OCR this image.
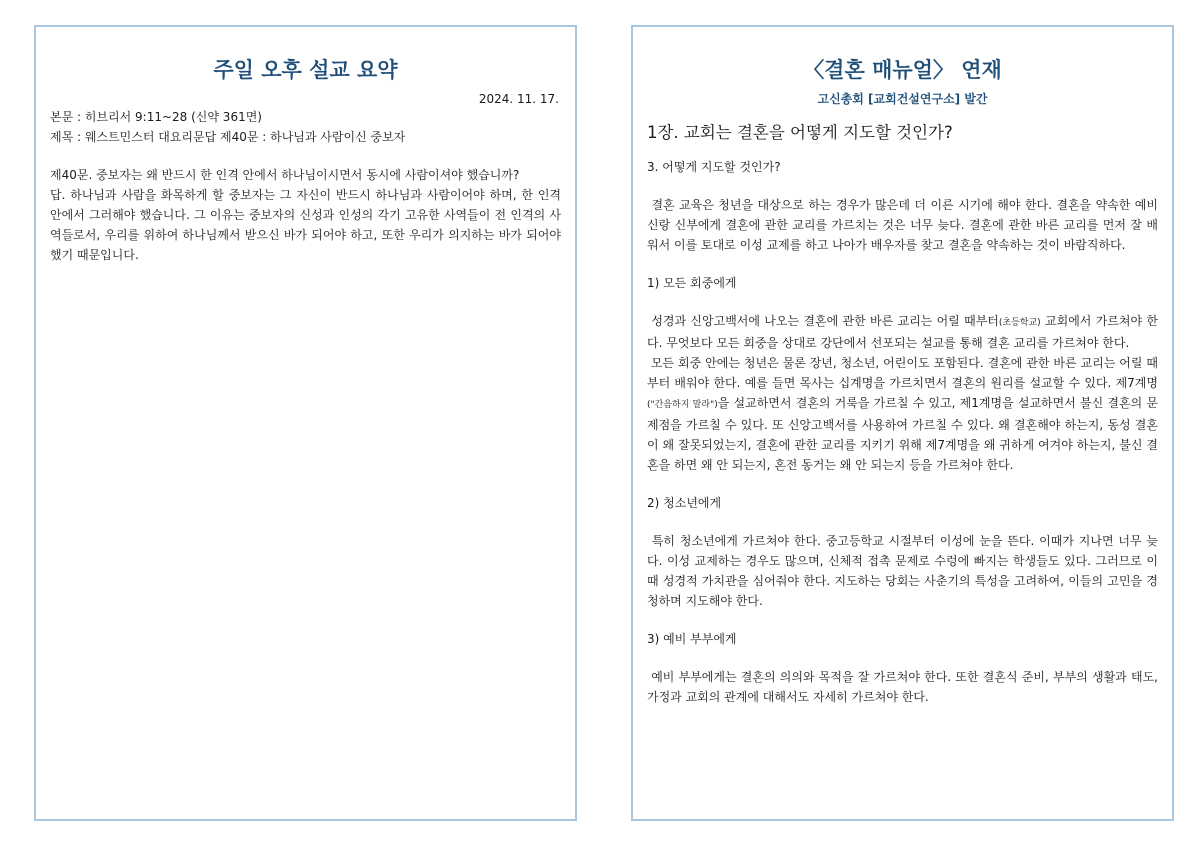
주일 오후 설교 요약
2024. 11. 17.
본문 : 히브리서 9:11~28 (신약 361면)
제목 : 웨스트민스터 대요리문답 제40문 : 하나님과 사람이신 중보자

제40문. 중보자는 왜 반드시 한 인격 안에서 하나님이시면서 동시에 사람이셔야 했습니까?

답. 하나님과 사람을 화목하게 할 중보자는 그 자신이 반드시 하나님과 사람이어야 하며, 한 인격 안에서 그러해야 했습니다. 그 이유는 중보자의 신성과 인성의 각기 고유한 사역들이 전 인격의 사역들로서, 우리를 위하여 하나님께서 받으신 바가 되어야 하고, 또한 우리가 의지하는 바가 되어야 했기 때문입니다.

〈결혼 매뉴얼〉 연재
고신총회 [교회건설연구소] 발간
1장. 교회는 결혼을 어떻게 지도할 것인가?

3. 어떻게 지도할 것인가?

결혼 교육은 청년을 대상으로 하는 경우가 많은데 더 이른 시기에 해야 한다. 결혼을 약속한 예비 신랑 신부에게 결혼에 관한 교리를 가르치는 것은 너무 늦다. 결혼에 관한 바른 교리를 먼저 잘 배워서 이를 토대로 이성 교제를 하고 나아가 배우자를 찾고 결혼을 약속하는 것이 바람직하다.

1) 모든 회중에게

성경과 신앙고백서에 나오는 결혼에 관한 바른 교리는 어릴 때부터(초등학교) 교회에서 가르쳐야 한다. 무엇보다 모든 회중을 상대로 강단에서 선포되는 설교를 통해 결혼 교리를 가르쳐야 한다.

모든 회중 안에는 청년은 물론 장년, 청소년, 어린이도 포함된다. 결혼에 관한 바른 교리는 어릴 때부터 배워야 한다. 예를 들면 목사는 십계명을 가르치면서 결혼의 원리를 설교할 수 있다. 제7계명("간음하지 말라")을 설교하면서 결혼의 거룩을 가르칠 수 있고, 제1계명을 설교하면서 불신 결혼의 문제점을 가르칠 수 있다. 또 신앙고백서를 사용하여 가르칠 수 있다. 왜 결혼해야 하는지, 동성 결혼이 왜 잘못되었는지, 결혼에 관한 교리를 지키기 위해 제7계명을 왜 귀하게 여겨야 하는지, 불신 결혼을 하면 왜 안 되는지, 혼전 동거는 왜 안 되는지 등을 가르쳐야 한다.

2) 청소년에게

특히 청소년에게 가르쳐야 한다. 중고등학교 시절부터 이성에 눈을 뜬다. 이때가 지나면 너무 늦다. 이성 교제하는 경우도 많으며, 신체적 접촉 문제로 수렁에 빠지는 학생들도 있다. 그러므로 이때 성경적 가치관을 심어줘야 한다. 지도하는 당회는 사춘기의 특성을 고려하여, 이들의 고민을 경청하며 지도해야 한다.

3) 예비 부부에게

예비 부부에게는 결혼의 의의와 목적을 잘 가르쳐야 한다. 또한 결혼식 준비, 부부의 생활과 태도, 가정과 교회의 관계에 대해서도 자세히 가르쳐야 한다.
